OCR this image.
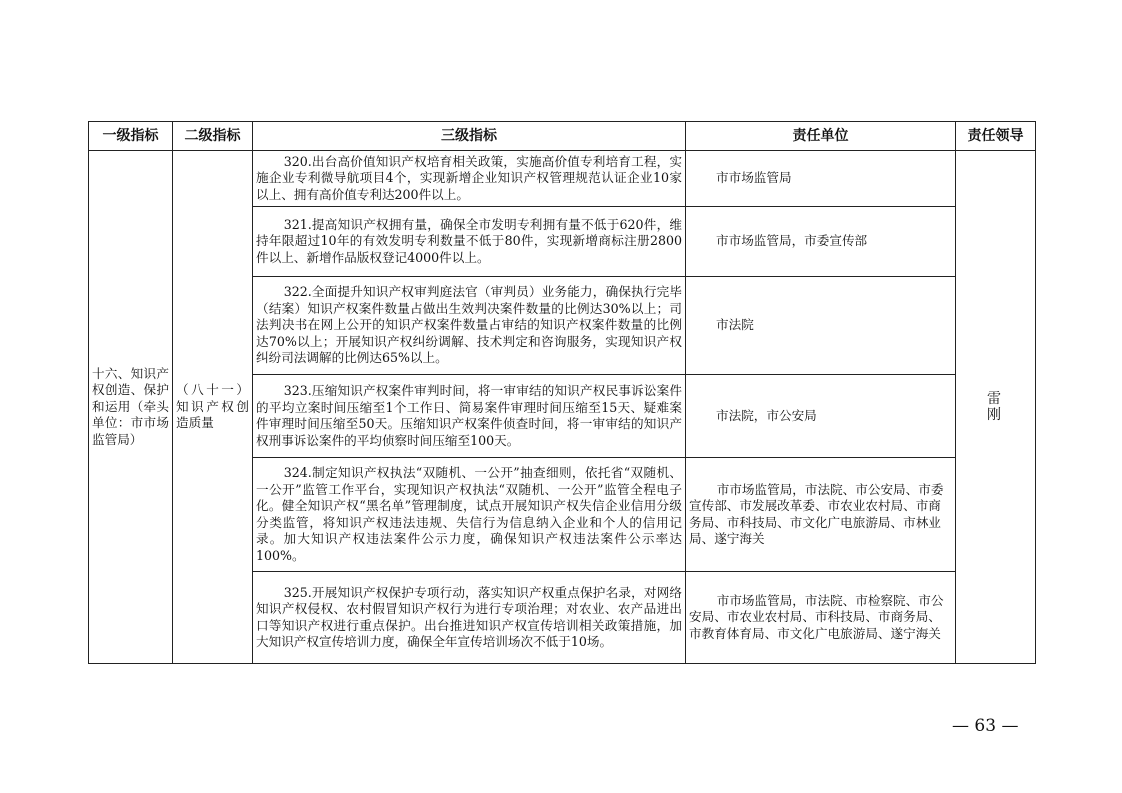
一级指标	二级指标	三级指标	责任单位	责任领导

十六、知识产权创造、保护和运用（牵头单位：市市场监管局）	（八十一）知识产权创造质量	320.出台高价值知识产权培育相关政策，实施高价值专利培育工程，实施企业专利微导航项目4个，实现新增企业知识产权管理规范认证企业10家以上、拥有高价值专利达200件以上。	市市场监管局	雷　刚

		321.提高知识产权拥有量，确保全市发明专利拥有量不低于620件，维持年限超过10年的有效发明专利数量不低于80件，实现新增商标注册2800件以上、新增作品版权登记4000件以上。	市市场监管局，市委宣传部	

		322.全面提升知识产权审判庭法官（审判员）业务能力，确保执行完毕（结案）知识产权案件数量占做出生效判决案件数量的比例达30%以上；司法判决书在网上公开的知识产权案件数量占审结的知识产权案件数量的比例达70%以上；开展知识产权纠纷调解、技术判定和咨询服务，实现知识产权纠纷司法调解的比例达65%以上。	市法院	

		323.压缩知识产权案件审判时间，将一审审结的知识产权民事诉讼案件的平均立案时间压缩至1个工作日、简易案件审理时间压缩至15天、疑难案件审理时间压缩至50天。压缩知识产权案件侦查时间，将一审审结的知识产权刑事诉讼案件的平均侦察时间压缩至100天。	市法院，市公安局	

		324.制定知识产权执法“双随机、一公开”抽查细则，依托省“双随机、一公开”监管工作平台，实现知识产权执法“双随机、一公开”监管全程电子化。健全知识产权“黑名单”管理制度，试点开展知识产权失信企业信用分级分类监管，将知识产权违法违规、失信行为信息纳入企业和个人的信用记录。加大知识产权违法案件公示力度，确保知识产权违法案件公示率达100%。	市市场监管局，市法院、市公安局、市委宣传部、市发展改革委、市农业农村局、市商务局、市科技局、市文化广电旅游局、市林业局、遂宁海关	

		325.开展知识产权保护专项行动，落实知识产权重点保护名录，对网络知识产权侵权、农村假冒知识产权行为进行专项治理；对农业、农产品进出口等知识产权进行重点保护。出台推进知识产权宣传培训相关政策措施，加大知识产权宣传培训力度，确保全年宣传培训场次不低于10场。	市市场监管局，市法院、市检察院、市公安局、市农业农村局、市科技局、市商务局、市教育体育局、市文化广电旅游局、遂宁海关	
— 63 —
